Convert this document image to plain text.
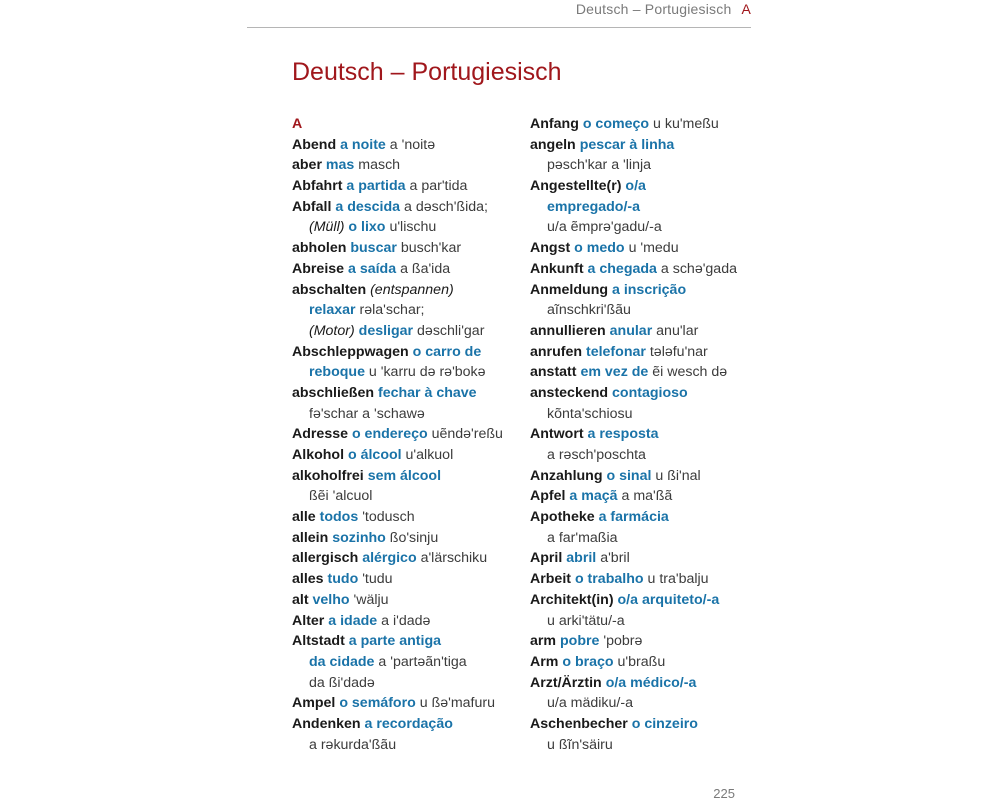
Deutsch – Portugiesisch A
Deutsch – Portugiesisch
A
Abend a noite a 'noitə
aber mas masch
Abfahrt a partida a par'tida
Abfall a descida a dəsch'ßida;
(Müll) o lixo u'lischu
abholen buscar busch'kar
Abreise a saída a ßa'ida
abschalten (entspannen)
relaxar rəla'schar;
(Motor) desligar dəschli'gar
Abschleppwagen o carro de
reboque u 'karru də rə'bokə
abschließen fechar à chave
fə'schar a 'schawə
Adresse o endereço uẽndə'reßu
Alkohol o álcool u'alkuol
alkoholfrei sem álcool
ßẽi 'alcuol
alle todos 'todusch
allein sozinho ßo'sinju
allergisch alérgico a'lärschiku
alles tudo 'tudu
alt velho 'wälju
Alter a idade a i'dadə
Altstadt a parte antiga
da cidade a 'partəãn'tiga
da ßi'dadə
Ampel o semáforo u ßə'mafuru
Andenken a recordação
a rəkurda'ßãu
Anfang o começo u ku'meßu
angeln pescar à linha
pəsch'kar a 'linja
Angestellte(r) o/a
empregado/-a
u/a ẽmprə'gadu/-a
Angst o medo u 'medu
Ankunft a chegada a schə'gada
Anmeldung a inscrição
aĩnschkri'ßãu
annullieren anular anu'lar
anrufen telefonar tələfu'nar
anstatt em vez de ẽi wesch də
ansteckend contagioso
kõnta'schiosu
Antwort a resposta
a rəsch'poschta
Anzahlung o sinal u ßi'nal
Apfel a maçã a ma'ßã
Apotheke a farmácia
a far'maßia
April abril a'bril
Arbeit o trabalho u tra'balju
Architekt(in) o/a arquiteto/-a
u arki'tätu/-a
arm pobre 'pobrə
Arm o braço u'braßu
Arzt/Ärztin o/a médico/-a
u/a mädiku/-a
Aschenbecher o cinzeiro
u ßĩn'säiru
225
